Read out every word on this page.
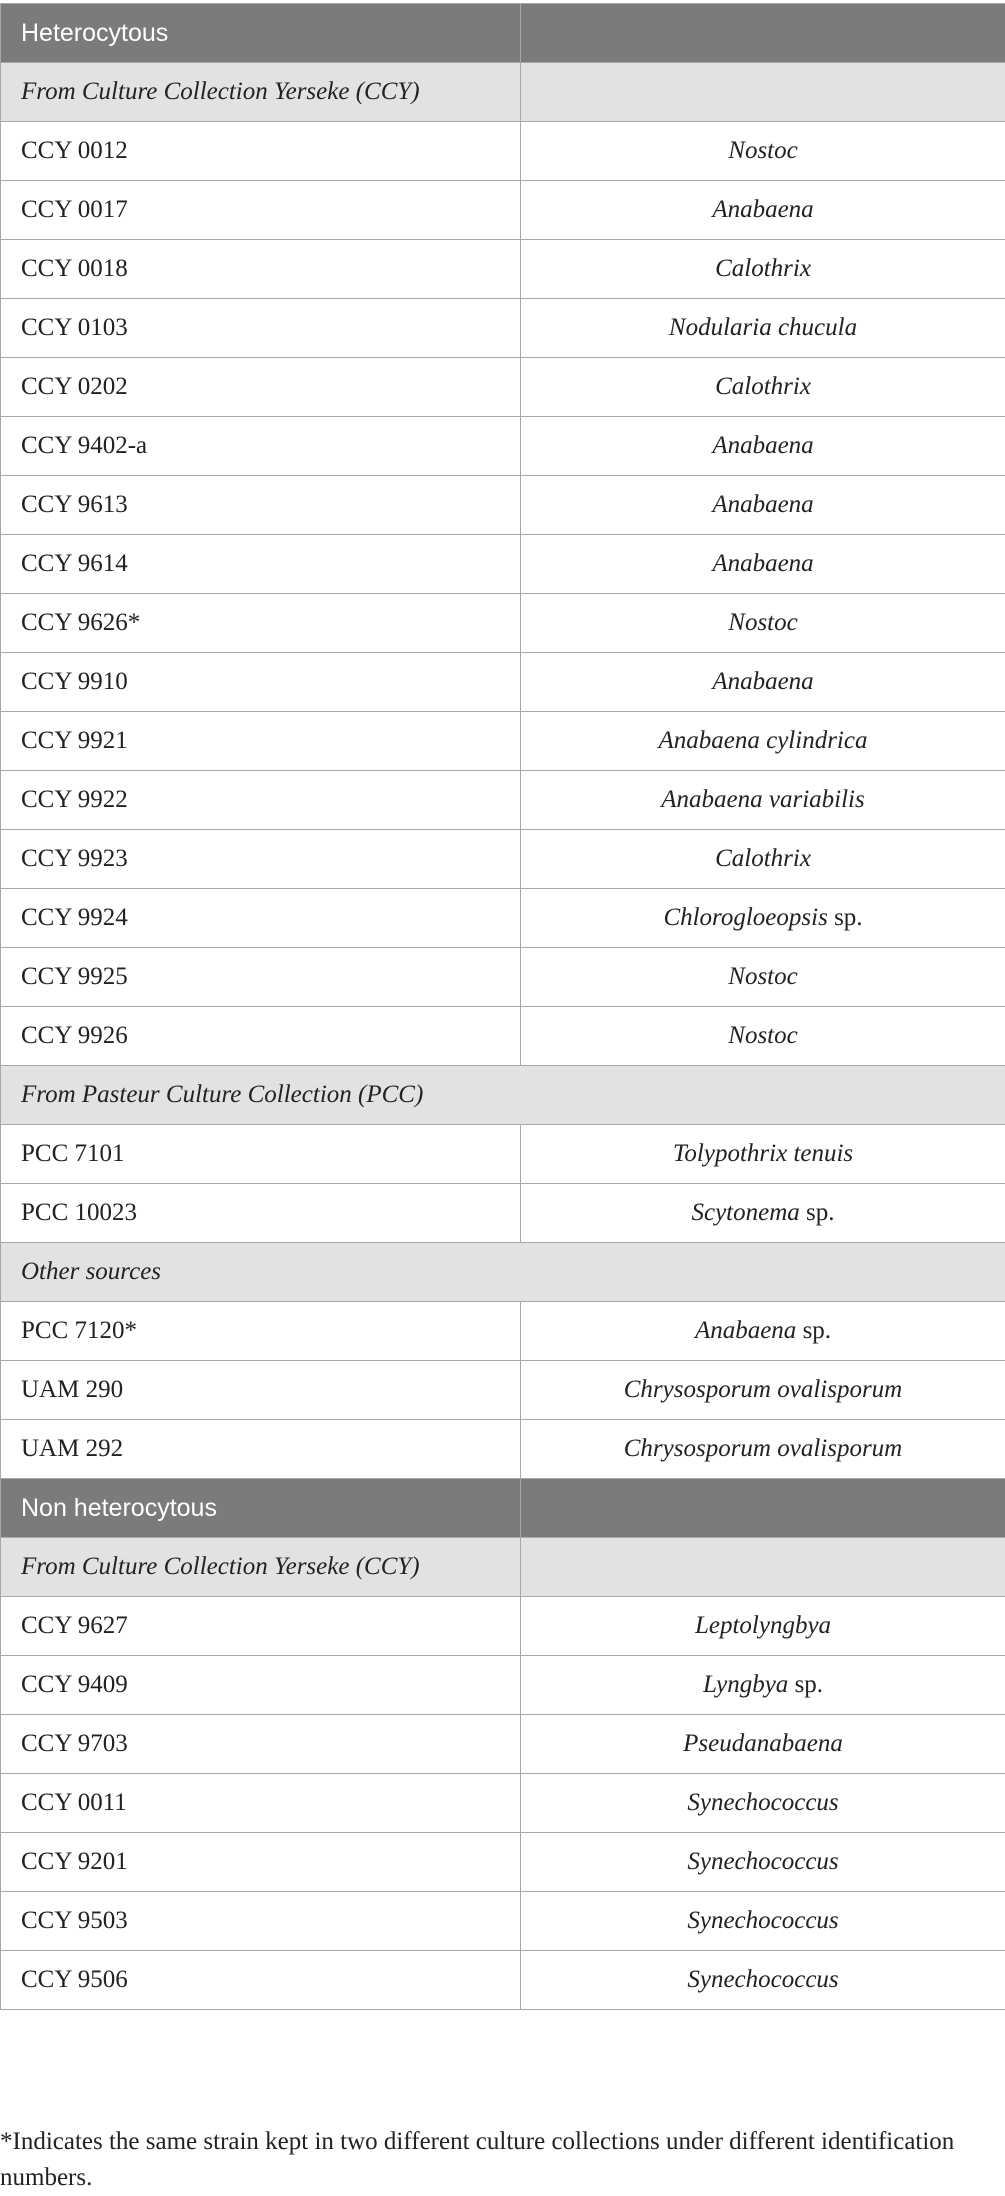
Heterocytous	
From Culture Collection Yerseke (CCY)	
CCY 0012	Nostoc
CCY 0017	Anabaena
CCY 0018	Calothrix
CCY 0103	Nodularia chucula
CCY 0202	Calothrix
CCY 9402-a	Anabaena
CCY 9613	Anabaena
CCY 9614	Anabaena
CCY 9626*	Nostoc
CCY 9910	Anabaena
CCY 9921	Anabaena cylindrica
CCY 9922	Anabaena variabilis
CCY 9923	Calothrix
CCY 9924	Chlorogloeopsis sp.
CCY 9925	Nostoc
CCY 9926	Nostoc
From Pasteur Culture Collection (PCC)	
PCC 7101	Tolypothrix tenuis
PCC 10023	Scytonema sp.
Other sources	
PCC 7120*	Anabaena sp.
UAM 290	Chrysosporum ovalisporum
UAM 292	Chrysosporum ovalisporum
Non heterocytous	
From Culture Collection Yerseke (CCY)	
CCY 9627	Leptolyngbya
CCY 9409	Lyngbya sp.
CCY 9703	Pseudanabaena
CCY 0011	Synechococcus
CCY 9201	Synechococcus
CCY 9503	Synechococcus
CCY 9506	Synechococcus

*Indicates the same strain kept in two different culture collections under different identification numbers.
